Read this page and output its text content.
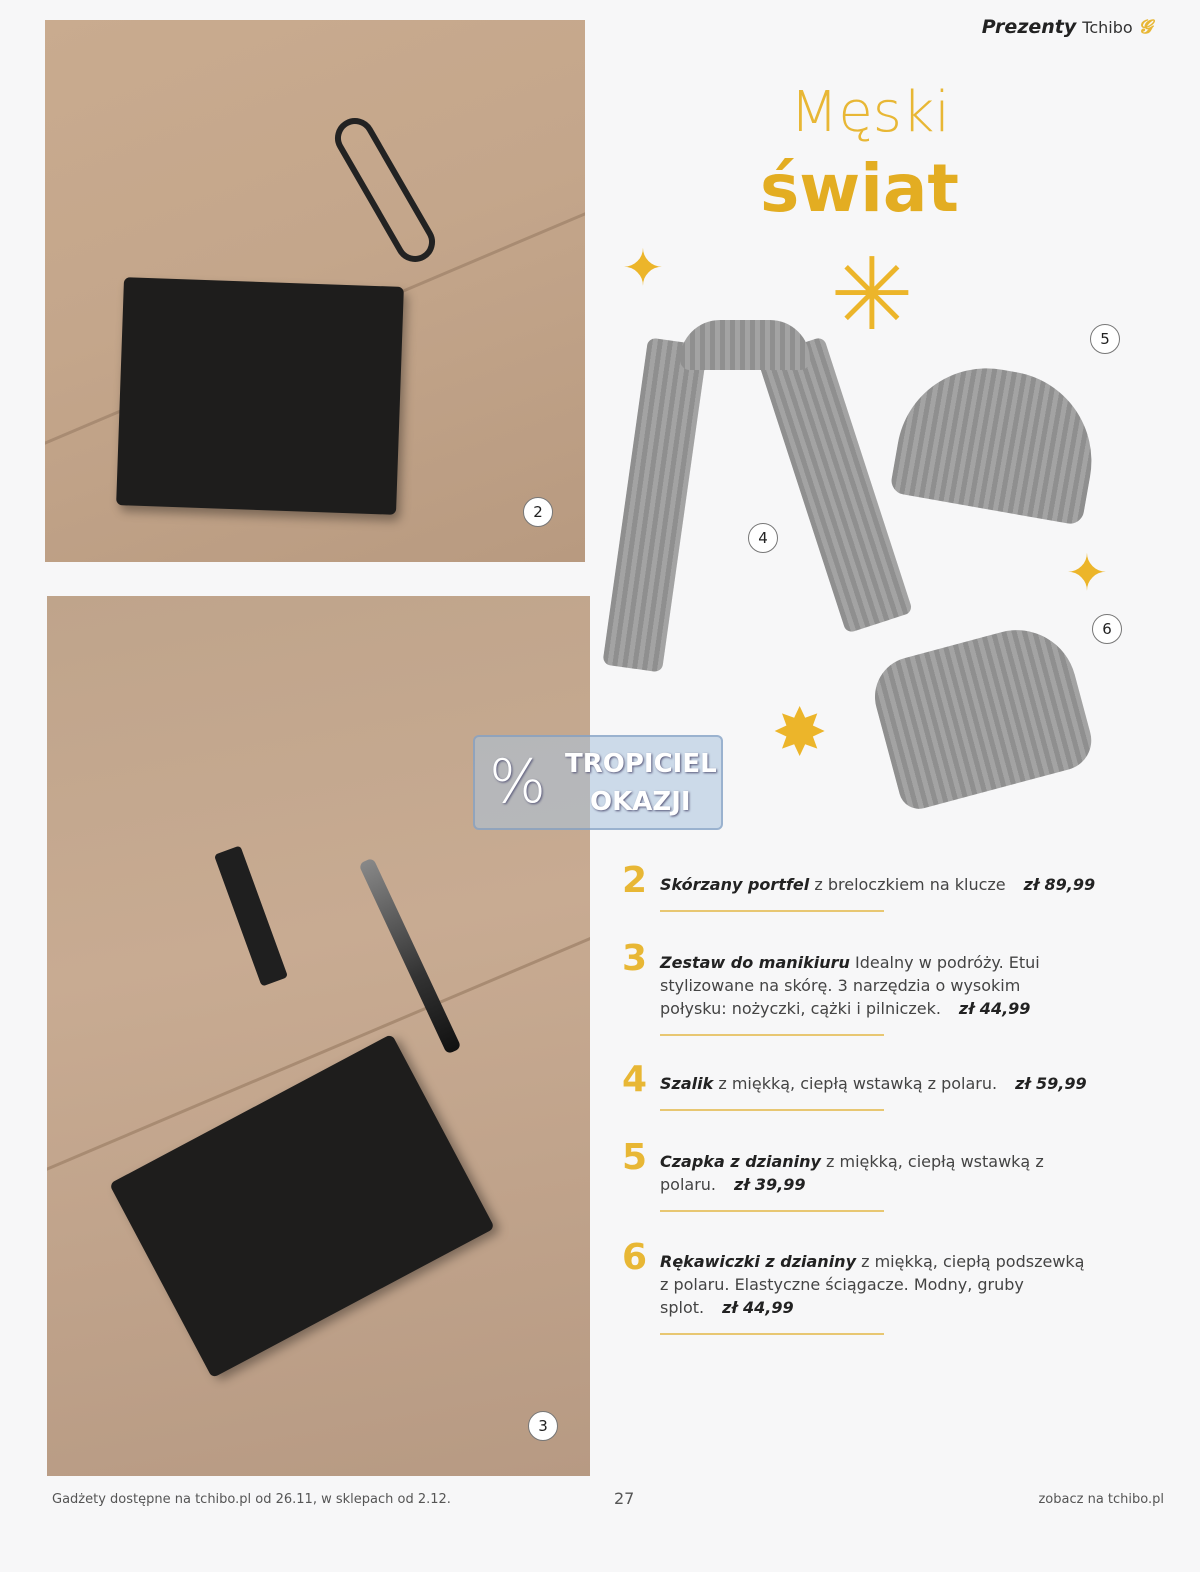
2
3
Prezenty Tchibo 𝓖
Męski
świat
✦ ✳
✦
✸
4
5
6
% TROPICIEL
OKAZJI
2 Skórzany portfel z breloczkiem na klucze zł 89,99
3 Zestaw do manikiuru Idealny w podróży. Etui stylizowane na skórę. 3 narzędzia o wysokim połysku: nożyczki, cążki i pilniczek. zł 44,99
4 Szalik z miękką, ciepłą wstawką z polaru. zł 59,99
5 Czapka z dzianiny z miękką, ciepłą wstawką z polaru. zł 39,99
6 Rękawiczki z dzianiny z miękką, ciepłą podszewką z polaru. Elastyczne ściągacze. Modny, gruby splot. zł 44,99
Gadżety dostępne na tchibo.pl od 26.11, w sklepach od 2.12.	27	zobacz na tchibo.pl
